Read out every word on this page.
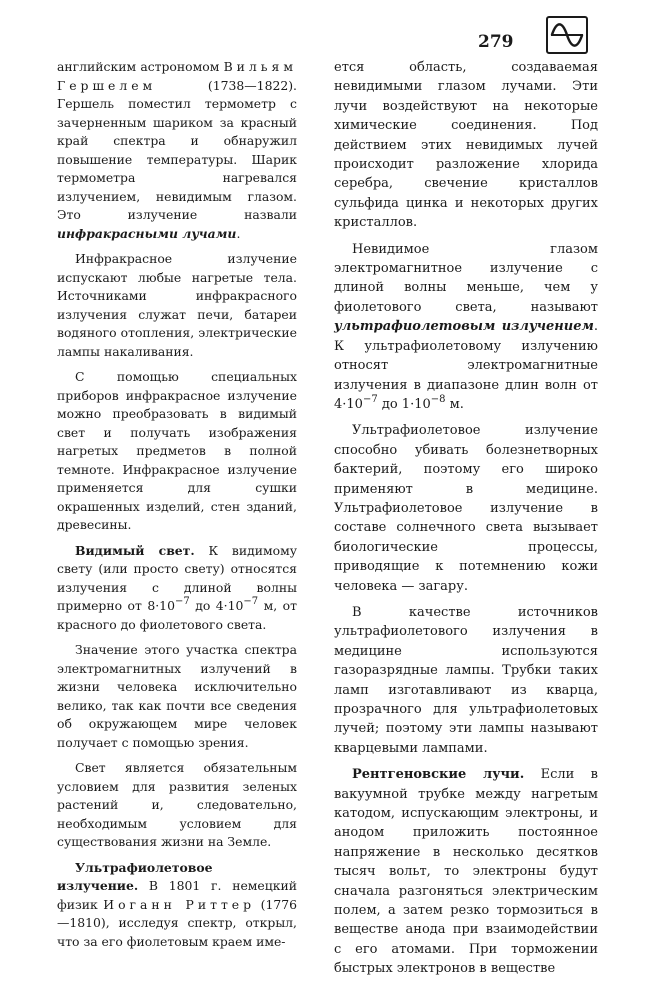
279

английским астрономом Вильям Гершелем (1738—1822). Гершель поместил термометр с зачерненным шариком за красный край спектра и обнаружил повышение температуры. Шарик термометра нагревался излучением, невидимым глазом. Это излучение назвали инфракрасными лучами.

Инфракрасное излучение испускают любые нагретые тела. Источниками инфракрасного излучения служат печи, батареи водяного отопления, электрические лампы накаливания.

С помощью специальных приборов инфракрасное излучение можно преобразовать в видимый свет и получать изображения нагретых предметов в полной темноте. Инфракрасное излучение применяется для сушки окрашенных изделий, стен зданий, древесины.

Видимый свет. К видимому свету (или просто свету) относятся излучения с длиной волны примерно от $8\cdot 10^{-7}$ до $4\cdot 10^{-7}$ м, от красного до фиолетового света.

Значение этого участка спектра электромагнитных излучений в жизни человека исключительно велико, так как почти все сведения об окружающем мире человек получает с помощью зрения.

Свет является обязательным условием для развития зеленых растений и, следовательно, необходимым условием для существования жизни на Земле.

Ультрафиолетовое излучение. В 1801 г. немецкий физик Иоганн Риттер (1776—1810), исследуя спектр, открыл, что за его фиолетовым краем име-

ется область, создаваемая невидимыми глазом лучами. Эти лучи воздействуют на некоторые химические соединения. Под действием этих невидимых лучей происходит разложение хлорида серебра, свечение кристаллов сульфида цинка и некоторых других кристаллов.

Невидимое глазом электромагнитное излучение с длиной волны меньше, чем у фиолетового света, называют ультрафиолетовым излучением. К ультрафиолетовому излучению относят электромагнитные излучения в диапазоне длин волн от $4\cdot 10^{-7}$ до $1\cdot 10^{-8}$ м.

Ультрафиолетовое излучение способно убивать болезнетворных бактерий, поэтому его широко применяют в медицине. Ультрафиолетовое излучение в составе солнечного света вызывает биологические процессы, приводящие к потемнению кожи человека — загару.

В качестве источников ультрафиолетового излучения в медицине используются газоразрядные лампы. Трубки таких ламп изготавливают из кварца, прозрачного для ультрафиолетовых лучей; поэтому эти лампы называют кварцевыми лампами.

Рентгеновские лучи. Если в вакуумной трубке между нагретым катодом, испускающим электроны, и анодом приложить постоянное напряжение в несколько десятков тысяч вольт, то электроны будут сначала разгоняться электрическим полем, а затем резко тормозиться в веществе анода при взаимодействии с его атомами. При торможении быстрых электронов в веществе
